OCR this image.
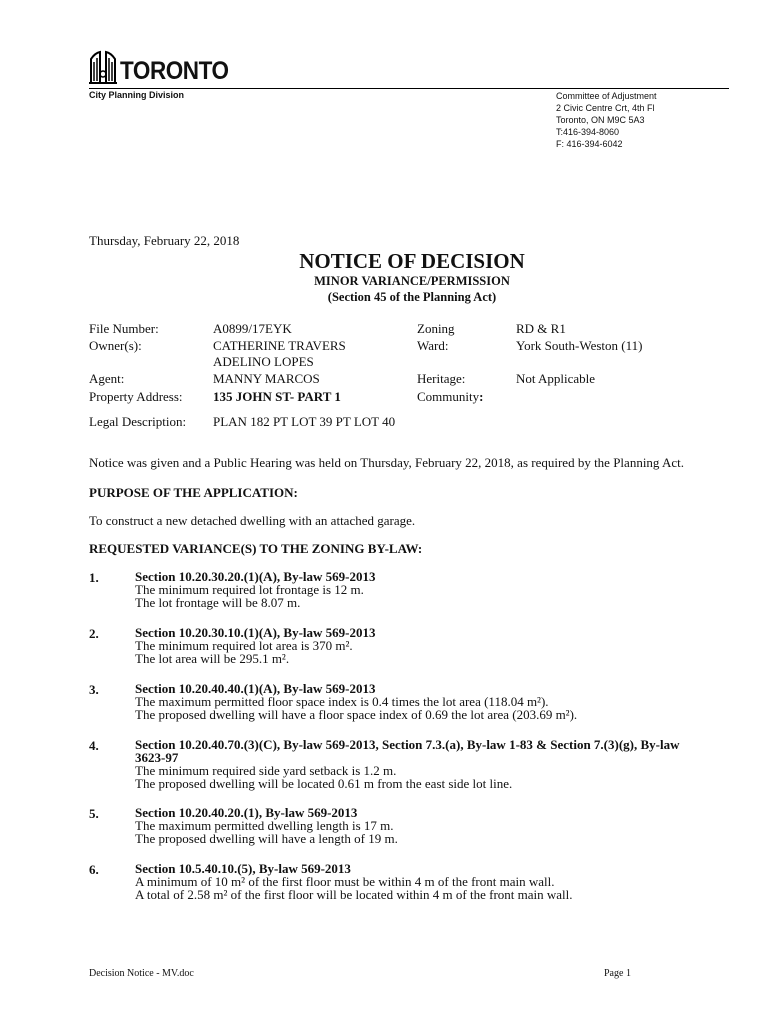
TORONTO
City Planning Division	Committee of Adjustment
2 Civic Centre Crt, 4th Fl
Toronto, ON M9C 5A3
T:416-394-8060
F: 416-394-6042
Thursday, February 22, 2018
NOTICE OF DECISION
MINOR VARIANCE/PERMISSION
(Section 45 of the Planning Act)
File Number:	A0899/17EYK	Zoning	RD & R1
Owner(s):	CATHERINE TRAVERS	Ward:	York South-Weston (11)
ADELINO LOPES
Agent:	MANNY MARCOS	Heritage:	Not Applicable
Property Address: 135 JOHN ST- PART 1	Community:
Legal Description: PLAN 182 PT LOT 39 PT LOT 40
Notice was given and a Public Hearing was held on Thursday, February 22, 2018, as required by the Planning Act.
PURPOSE OF THE APPLICATION:
To construct a new detached dwelling with an attached garage.
REQUESTED VARIANCE(S) TO THE ZONING BY-LAW:
1.	Section 10.20.30.20.(1)(A), By-law 569-2013
The minimum required lot frontage is 12 m.
The lot frontage will be 8.07 m.
2.	Section 10.20.30.10.(1)(A), By-law 569-2013
The minimum required lot area is 370 m².
The lot area will be 295.1 m².
3.	Section 10.20.40.40.(1)(A), By-law 569-2013
The maximum permitted floor space index is 0.4 times the lot area (118.04 m²).
The proposed dwelling will have a floor space index of 0.69 the lot area (203.69 m²).
4.	Section 10.20.40.70.(3)(C), By-law 569-2013, Section 7.3.(a), By-law 1-83 & Section 7.(3)(g), By-law
3623-97
The minimum required side yard setback is 1.2 m.
The proposed dwelling will be located 0.61 m from the east side lot line.
5.	Section 10.20.40.20.(1), By-law 569-2013
The maximum permitted dwelling length is 17 m.
The proposed dwelling will have a length of 19 m.
6.	Section 10.5.40.10.(5), By-law 569-2013
A minimum of 10 m² of the first floor must be within 4 m of the front main wall.
A total of 2.58 m² of the first floor will be located within 4 m of the front main wall.
Decision Notice - MV.doc	Page 1
